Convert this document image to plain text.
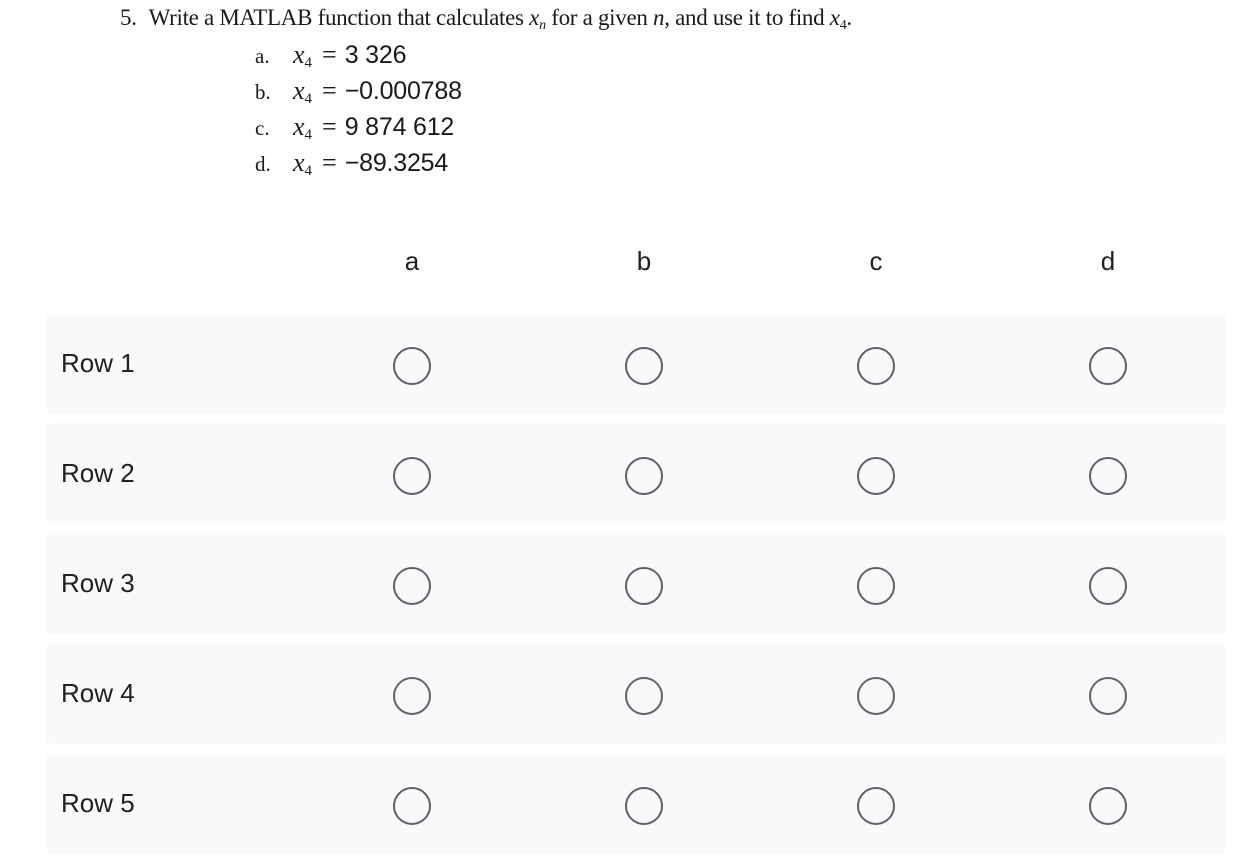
5. Write a MATLAB function that calculates $x_n$ for a given n, and use it to find $x_4$.
a. $x_4 = 3$ 326
b. $x_4 = -0.000788$
c. $x_4 = 9$ 874 612
d. $x_4 = -89.3254$
a	b	c	d
Row 1
Row 2
Row 3
Row 4
Row 5
